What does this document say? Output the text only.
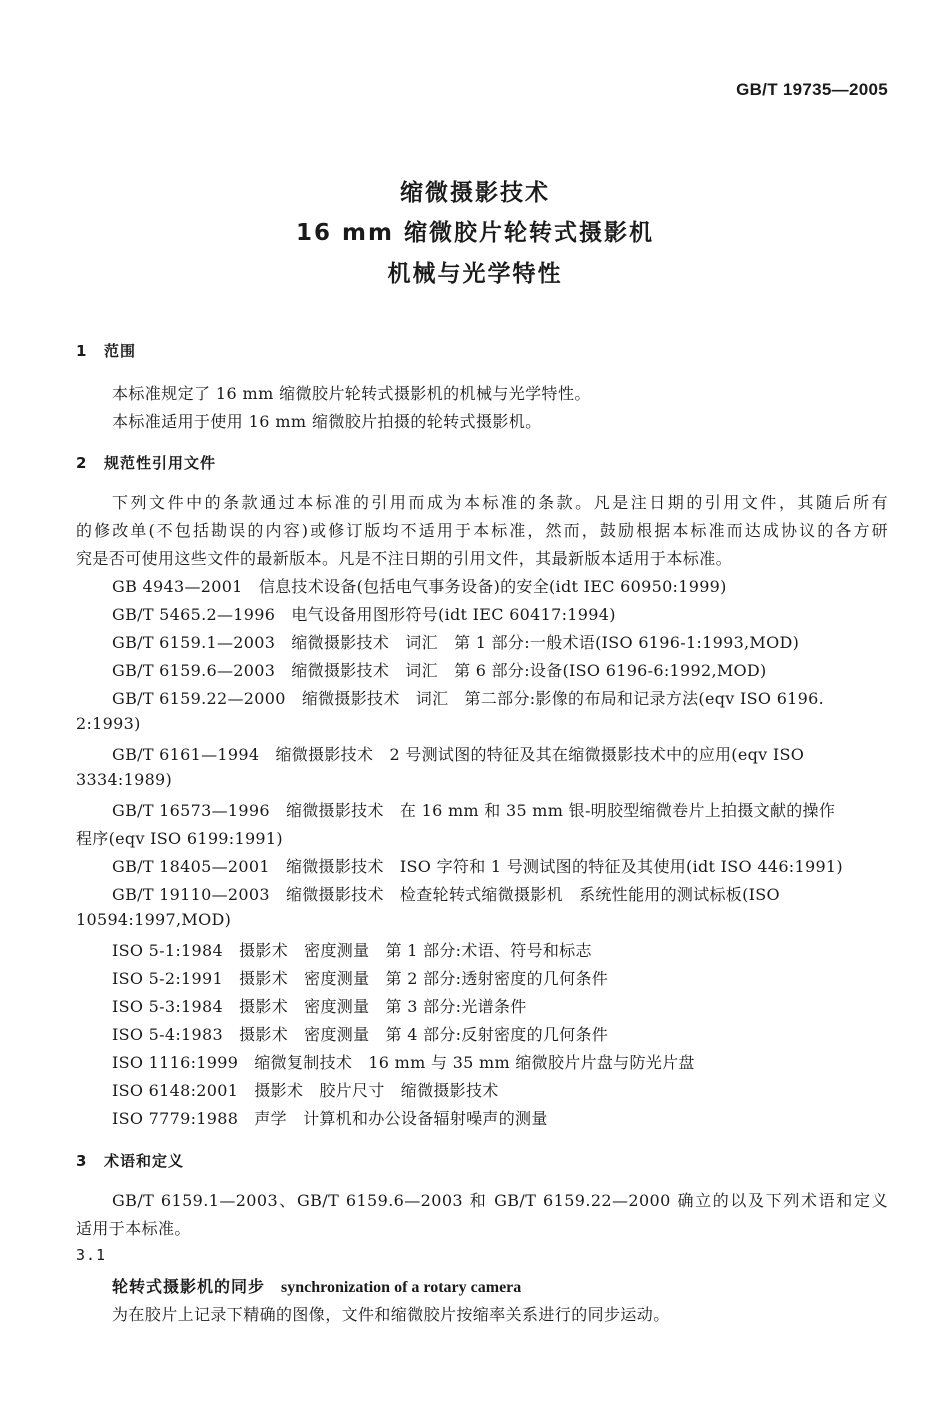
GB/T 19735—2005
缩微摄影技术
16 mm 缩微胶片轮转式摄影机
机械与光学特性
1 范围
本标准规定了 16 mm 缩微胶片轮转式摄影机的机械与光学特性。
本标准适用于使用 16 mm 缩微胶片拍摄的轮转式摄影机。
2 规范性引用文件
下列文件中的条款通过本标准的引用而成为本标准的条款。凡是注日期的引用文件，其随后所有
的修改单(不包括勘误的内容)或修订版均不适用于本标准，然而，鼓励根据本标准而达成协议的各方研
究是否可使用这些文件的最新版本。凡是不注日期的引用文件，其最新版本适用于本标准。
GB 4943—2001   信息技术设备(包括电气事务设备)的安全(idt IEC 60950:1999)
GB/T 5465.2—1996   电气设备用图形符号(idt IEC 60417:1994)
GB/T 6159.1—2003   缩微摄影技术   词汇   第 1 部分:一般术语(ISO 6196-1:1993,MOD)
GB/T 6159.6—2003   缩微摄影技术   词汇   第 6 部分:设备(ISO 6196-6:1992,MOD)
GB/T 6159.22—2000   缩微摄影技术   词汇   第二部分:影像的布局和记录方法(eqv ISO 6196.
2:1993)
GB/T 6161—1994   缩微摄影技术   2 号测试图的特征及其在缩微摄影技术中的应用(eqv ISO
3334:1989)
GB/T 16573—1996   缩微摄影技术   在 16 mm 和 35 mm 银-明胶型缩微卷片上拍摄文献的操作
程序(eqv ISO 6199:1991)
GB/T 18405—2001   缩微摄影技术   ISO 字符和 1 号测试图的特征及其使用(idt ISO 446:1991)
GB/T 19110—2003   缩微摄影技术   检查轮转式缩微摄影机   系统性能用的测试标板(ISO
10594:1997,MOD)
ISO 5-1:1984   摄影术   密度测量   第 1 部分:术语、符号和标志
ISO 5-2:1991   摄影术   密度测量   第 2 部分:透射密度的几何条件
ISO 5-3:1984   摄影术   密度测量   第 3 部分:光谱条件
ISO 5-4:1983   摄影术   密度测量   第 4 部分:反射密度的几何条件
ISO 1116:1999   缩微复制技术   16 mm 与 35 mm 缩微胶片片盘与防光片盘
ISO 6148:2001   摄影术   胶片尺寸   缩微摄影技术
ISO 7779:1988   声学   计算机和办公设备辐射噪声的测量
3 术语和定义
GB/T 6159.1—2003、GB/T 6159.6—2003 和 GB/T 6159.22—2000 确立的以及下列术语和定义
适用于本标准。
3.1
轮转式摄影机的同步 synchronization of a rotary camera
为在胶片上记录下精确的图像，文件和缩微胶片按缩率关系进行的同步运动。
